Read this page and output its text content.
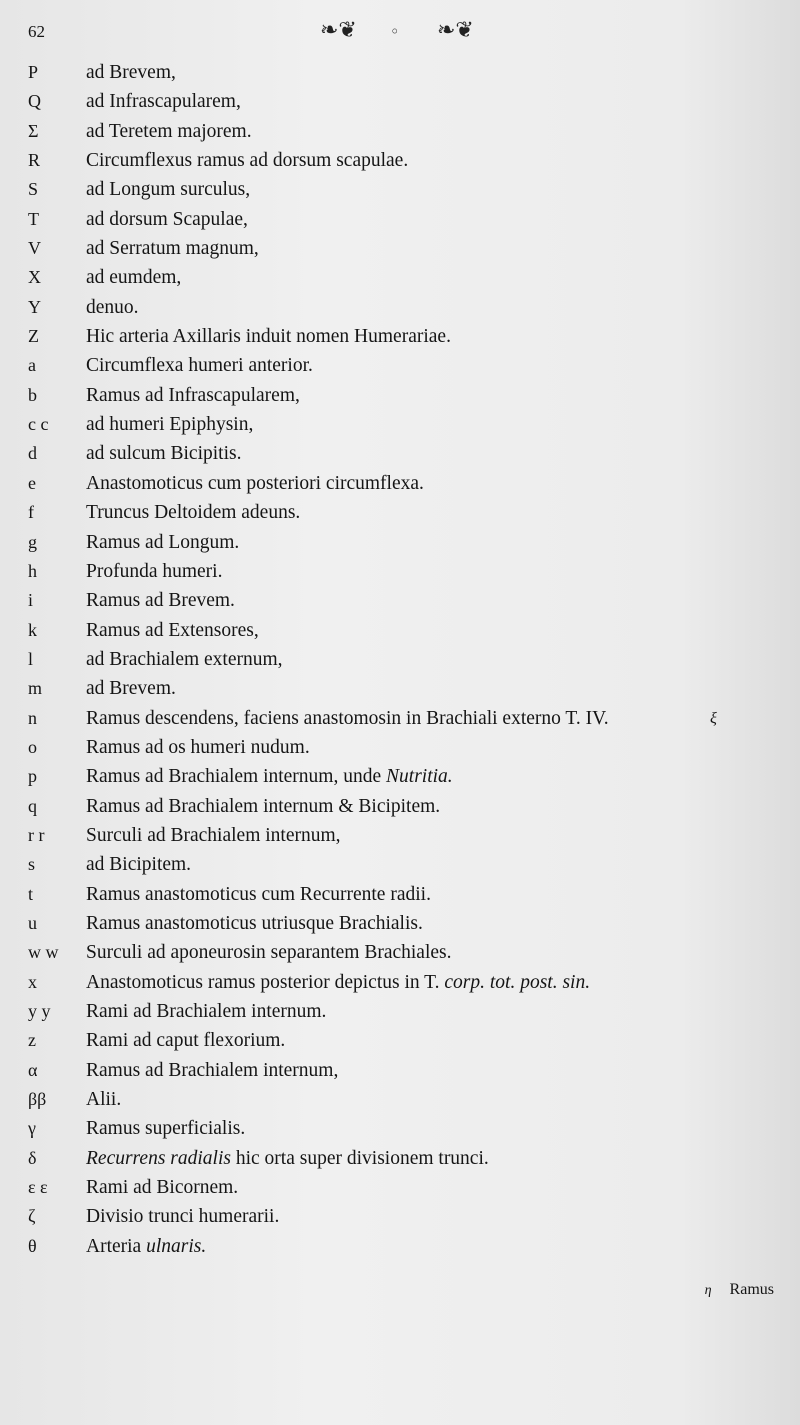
62	❧❦ ◦ ❧❦
P	ad Brevem,
Q	ad Infrascapularem,
Σ	ad Teretem majorem.
R	Circumflexus ramus ad dorsum scapulae.
S	ad Longum surculus,
T	ad dorsum Scapulae,
V	ad Serratum magnum,
X	ad eumdem,
Y	denuo.
Z	Hic arteria Axillaris induit nomen Humerariae.
a	Circumflexa humeri anterior.
b	Ramus ad Infrascapularem,
c c	ad humeri Epiphysin,
d	ad sulcum Bicipitis.
e	Anastomoticus cum posteriori circumflexa.
f	Truncus Deltoidem adeuns.
g	Ramus ad Longum.
h	Profunda humeri.
i	Ramus ad Brevem.
k	Ramus ad Extensores,
l	ad Brachialem externum,
m	ad Brevem.
n	Ramus descendens, faciens anastomosin in Brachiali externo T. IV.	ξ
o	Ramus ad os humeri nudum.
p	Ramus ad Brachialem internum, unde Nutritia.
q	Ramus ad Brachialem internum & Bicipitem.
r r	Surculi ad Brachialem internum,
s	ad Bicipitem.
t	Ramus anastomoticus cum Recurrente radii.
u	Ramus anastomoticus utriusque Brachialis.
w w	Surculi ad aponeurosin separantem Brachiales.
x	Anastomoticus ramus posterior depictus in T. corp. tot. post. sin.
y y	Rami ad Brachialem internum.
z	Rami ad caput flexorium.
α	Ramus ad Brachialem internum,
ββ	Alii.
γ	Ramus superficialis.
δ	Recurrens radialis hic orta super divisionem trunci.
ε ε	Rami ad Bicornem.
ζ	Divisio trunci humerarii.
θ	Arteria ulnaris.
η Ramus
